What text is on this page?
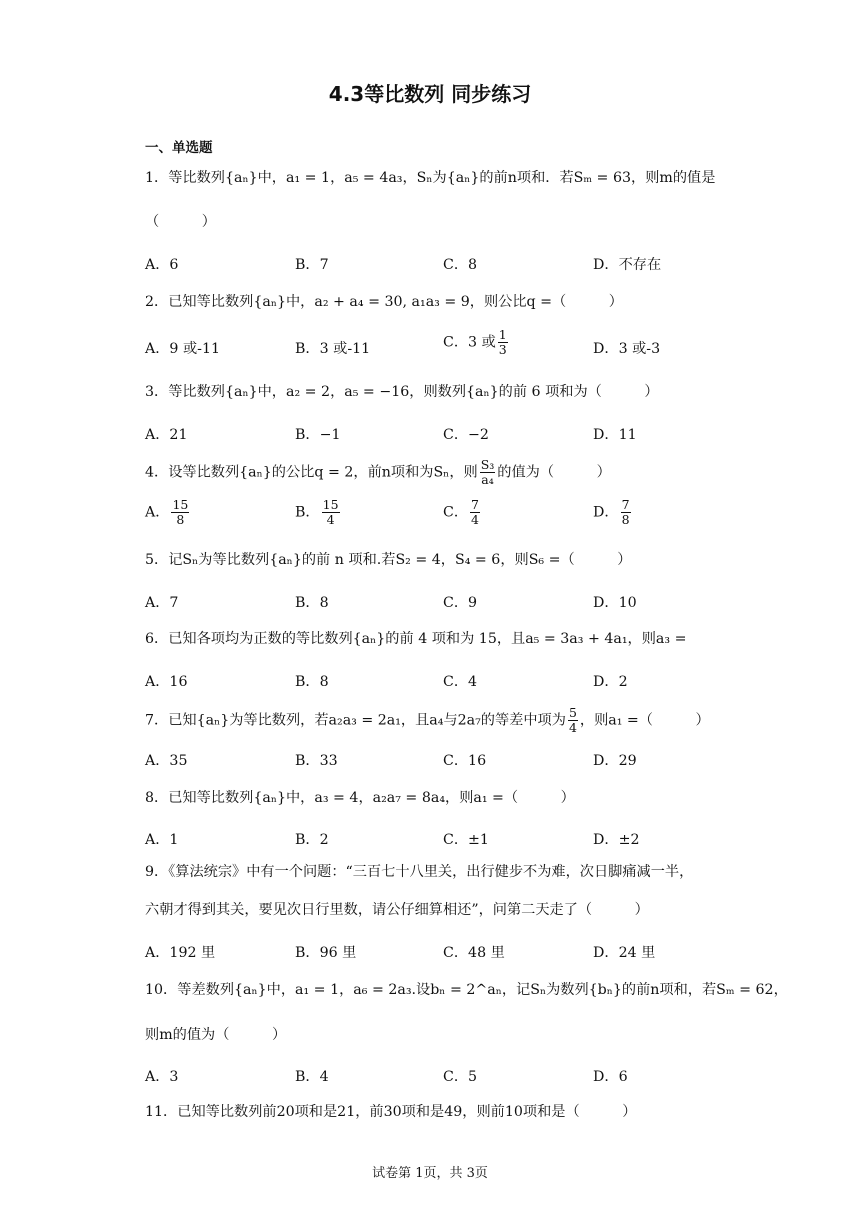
4.3等比数列 同步练习
一、单选题
1．等比数列{aₙ}中，a₁ = 1，a₅ = 4a₃，Sₙ为{aₙ}的前n项和．若Sₘ = 63，则m的值是
（　　　）
A．6	B．7	C．8	D．不存在
2．已知等比数列{aₙ}中，a₂ + a₄ = 30, a₁a₃ = 9，则公比q =（　　　）
A．9 或-11	B．3 或-11	C．3 或 $\frac{1}{3}$	D．3 或-3
3．等比数列{aₙ}中，a₂ = 2，a₅ = −16，则数列{aₙ}的前 6 项和为（　　　）
A．21	B．−1	C．−2	D．11
4．设等比数列{aₙ}的公比q = 2，前n项和为Sₙ，则 $\frac{\text{S₃}}{\text{a₄}}$ 的值为（　　　）
A． $\frac{15}{8}$	B． $\frac{15}{4}$	C． $\frac{7}{4}$	D． $\frac{7}{8}$
5．记Sₙ为等比数列{aₙ}的前 n 项和.若S₂ = 4，S₄ = 6，则S₆ =（　　　）
A．7	B．8	C．9	D．10
6．已知各项均为正数的等比数列{aₙ}的前 4 项和为 15，且a₅ = 3a₃ + 4a₁，则a₃ =
A．16	B．8	C．4	D．2
7．已知{aₙ}为等比数列，若a₂a₃ = 2a₁，且a₄与2a₇的等差中项为 $\frac{5}{4}$ ，则a₁ =（　　　）
A．35	B．33	C．16	D．29
8．已知等比数列{aₙ}中，a₃ = 4，a₂a₇ = 8a₄，则a₁ =（　　　）
A．1	B．2	C．±1	D．±2
9．《算法统宗》中有一个问题：“三百七十八里关，出行健步不为难，次日脚痛减一半，
六朝才得到其关，要见次日行里数，请公仔细算相还”，问第二天走了（　　　）
A．192 里	B．96 里	C．48 里	D．24 里
10．等差数列{aₙ}中，a₁ = 1，a₆ = 2a₃.设bₙ = 2^aₙ，记Sₙ为数列{bₙ}的前n项和，若Sₘ = 62，
则m的值为（　　　）
A．3	B．4	C．5	D．6
11．已知等比数列前20项和是21，前30项和是49，则前10项和是（　　　）
试卷第 1页，共 3页
